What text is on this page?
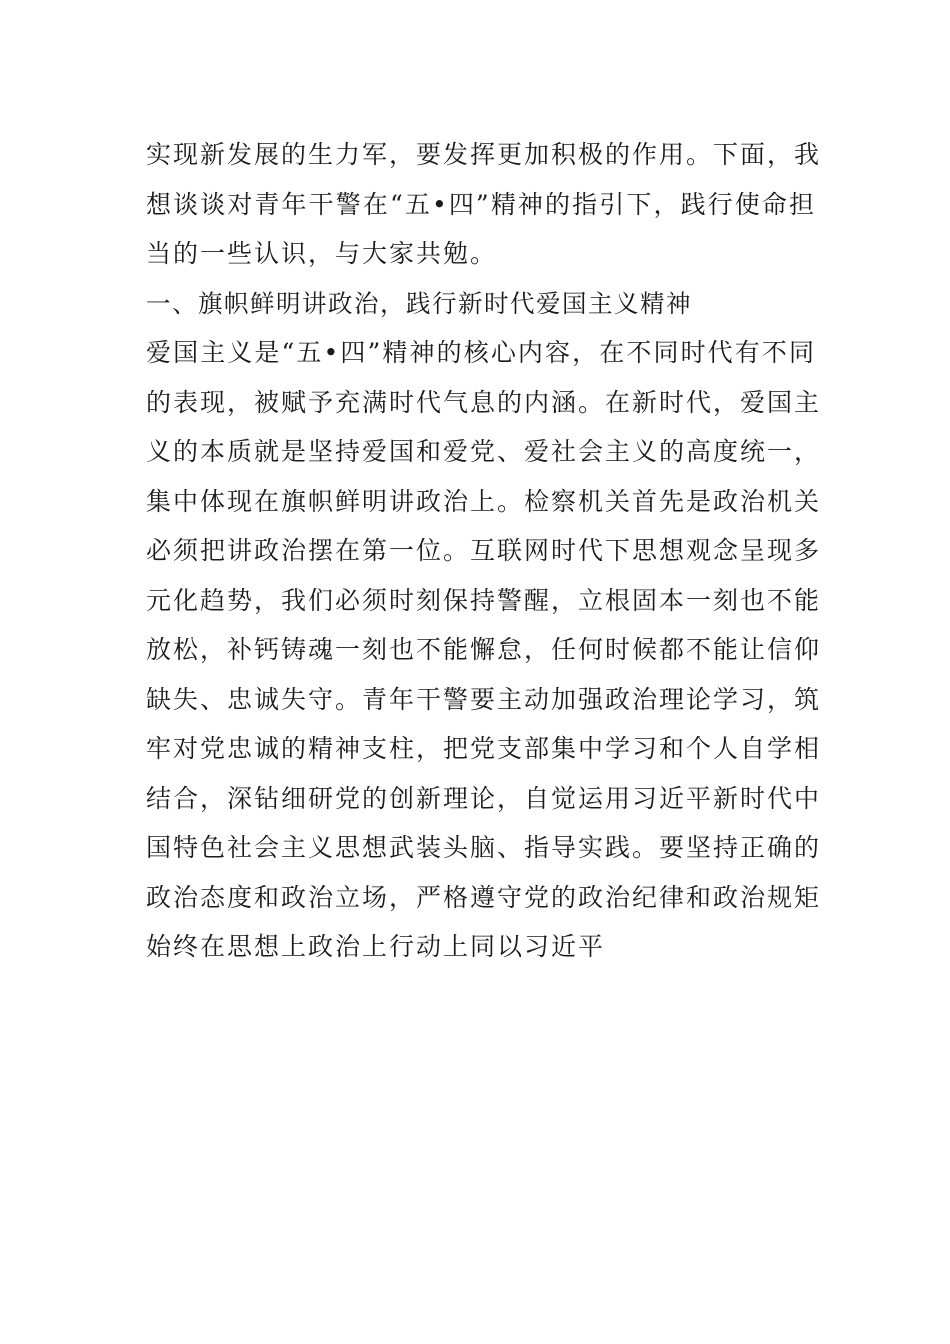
实现新发展的生力军，要发挥更加积极的作用。下面，我
想谈谈对青年干警在“五•四”精神的指引下，践行使命担
当的一些认识，与大家共勉。
一、旗帜鲜明讲政治，践行新时代爱国主义精神
爱国主义是“五•四”精神的核心内容，在不同时代有不同
的表现，被赋予充满时代气息的内涵。在新时代，爱国主
义的本质就是坚持爱国和爱党、爱社会主义的高度统一，
集中体现在旗帜鲜明讲政治上。检察机关首先是政治机关
必须把讲政治摆在第一位。互联网时代下思想观念呈现多
元化趋势，我们必须时刻保持警醒，立根固本一刻也不能
放松，补钙铸魂一刻也不能懈怠，任何时候都不能让信仰
缺失、忠诚失守。青年干警要主动加强政治理论学习，筑
牢对党忠诚的精神支柱，把党支部集中学习和个人自学相
结合，深钻细研党的创新理论，自觉运用习近平新时代中
国特色社会主义思想武装头脑、指导实践。要坚持正确的
政治态度和政治立场，严格遵守党的政治纪律和政治规矩
始终在思想上政治上行动上同以习近平
